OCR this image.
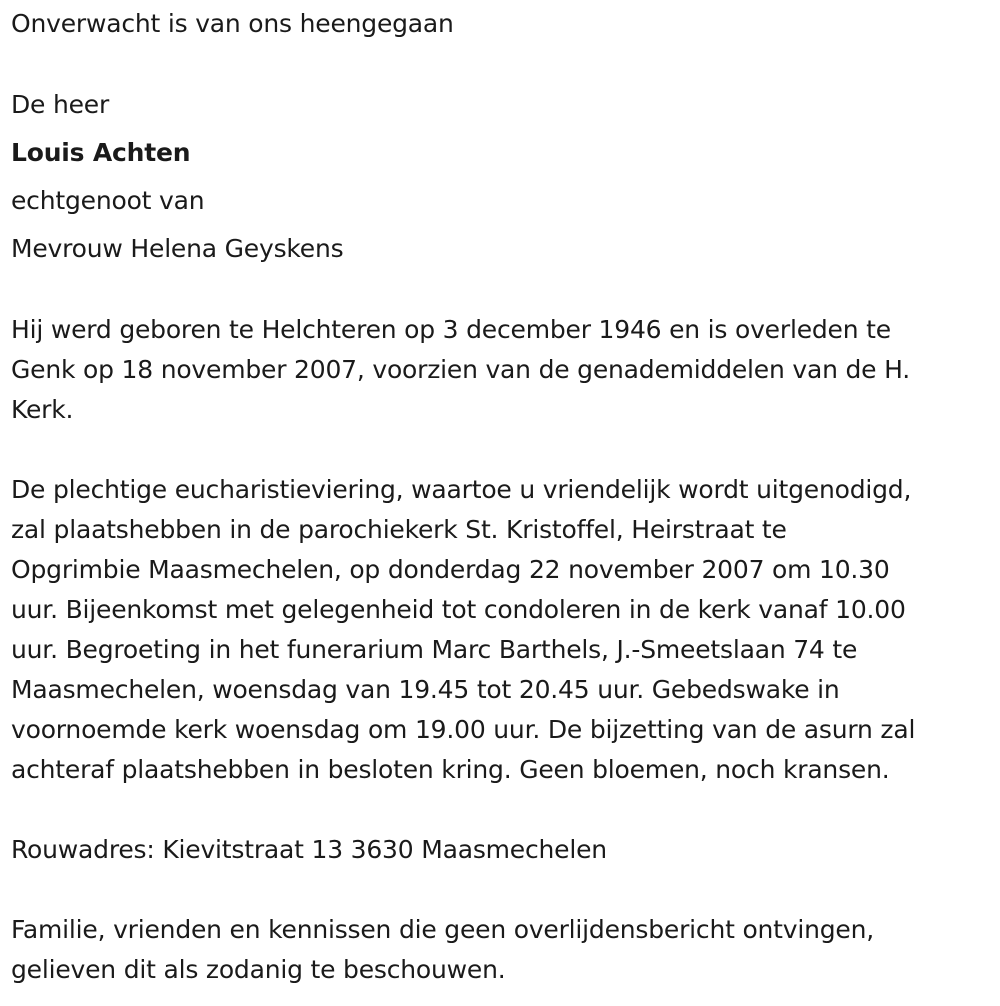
Onverwacht is van ons heengegaan

De heer

Louis Achten

echtgenoot van

Mevrouw Helena Geyskens

Hij werd geboren te Helchteren op 3 december 1946 en is overleden te
Genk op 18 november 2007, voorzien van de genademiddelen van de H.
Kerk.
De plechtige eucharistieviering, waartoe u vriendelijk wordt uitgenodigd,
zal plaatshebben in de parochiekerk St. Kristoffel, Heirstraat te
Opgrimbie Maasmechelen, op donderdag 22 november 2007 om 10.30
uur. Bijeenkomst met gelegenheid tot condoleren in de kerk vanaf 10.00
uur. Begroeting in het funerarium Marc Barthels, J.-Smeetslaan 74 te
Maasmechelen, woensdag van 19.45 tot 20.45 uur. Gebedswake in
voornoemde kerk woensdag om 19.00 uur. De bijzetting van de asurn zal
achteraf plaatshebben in besloten kring. Geen bloemen, noch kransen.
Rouwadres: Kievitstraat 13 3630 Maasmechelen
Familie, vrienden en kennissen die geen overlijdensbericht ontvingen,
gelieven dit als zodanig te beschouwen.
